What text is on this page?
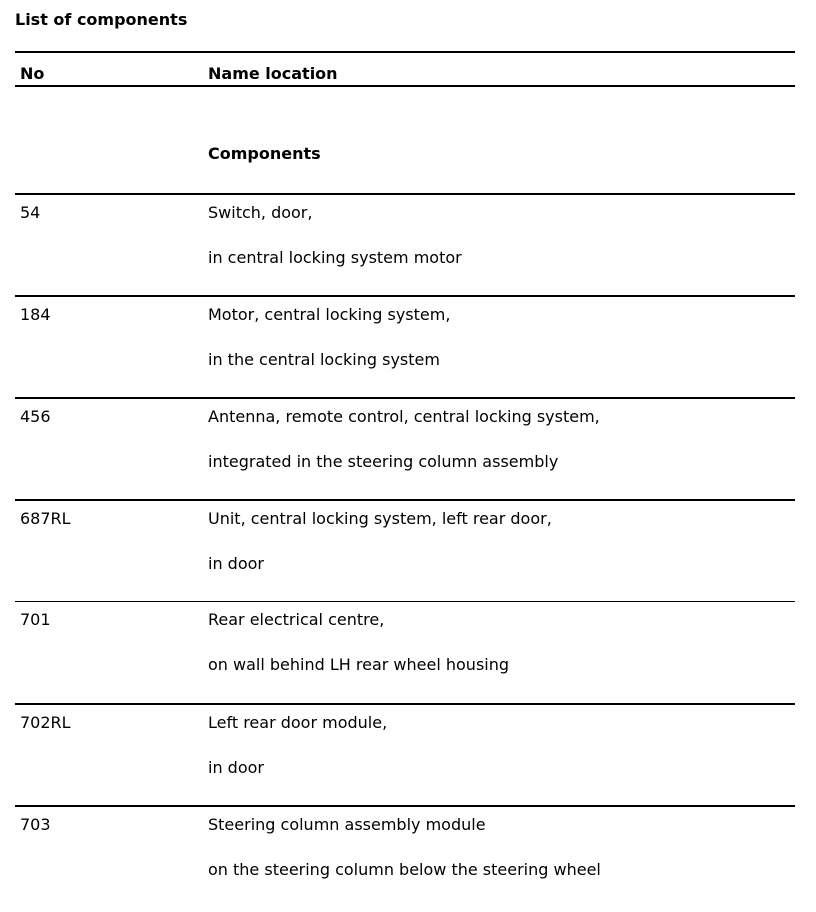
List of components
No	Name location
Components
54	Switch, door,
in central locking system motor
184	Motor, central locking system,
in the central locking system
456	Antenna, remote control, central locking system,
integrated in the steering column assembly
687RL	Unit, central locking system, left rear door,
in door
701	Rear electrical centre,
on wall behind LH rear wheel housing
702RL	Left rear door module,
in door
703	Steering column assembly module
on the steering column below the steering wheel
